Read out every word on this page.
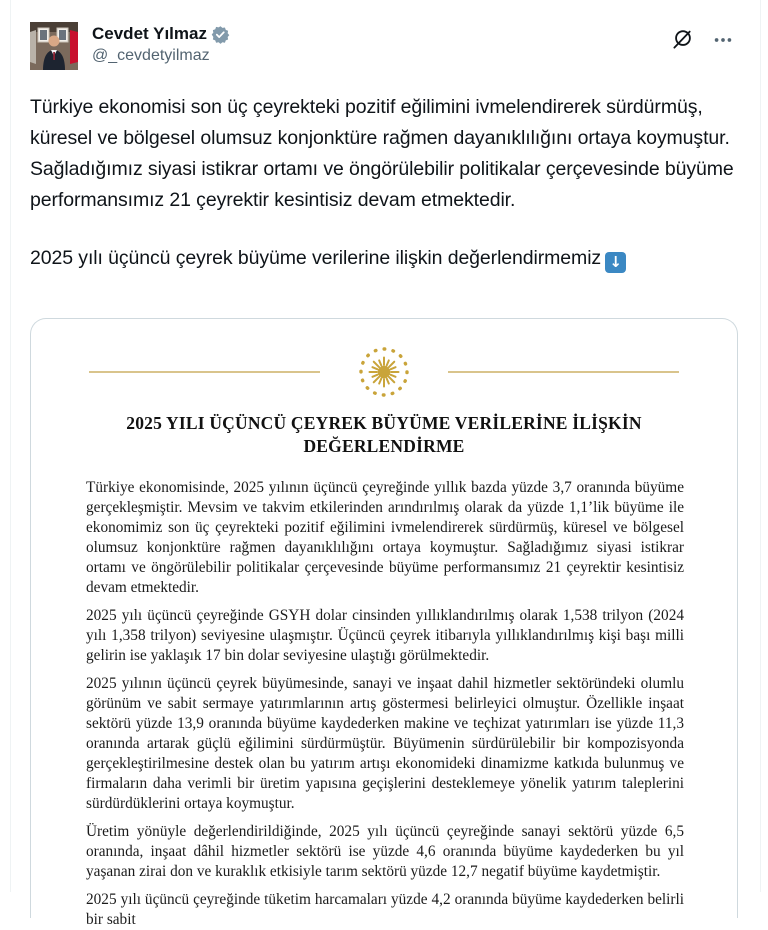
Cevdet Yılmaz
@_cevdetyilmaz

Türkiye ekonomisi son üç çeyrekteki pozitif eğilimini ivmelendirerek sürdürmüş, küresel ve bölgesel olumsuz konjonktüre rağmen dayanıklılığını ortaya koymuştur. Sağladığımız siyasi istikrar ortamı ve öngörülebilir politikalar çerçevesinde büyüme performansımız 21 çeyrektir kesintisiz devam etmektedir.

2025 yılı üçüncü çeyrek büyüme verilerine ilişkin değerlendirmemiz ↓

2025 YILI ÜÇÜNCÜ ÇEYREK BÜYÜME VERİLERİNE İLİŞKİN
DEĞERLENDİRME

Türkiye ekonomisinde, 2025 yılının üçüncü çeyreğinde yıllık bazda yüzde 3,7 oranında büyüme gerçekleşmiştir. Mevsim ve takvim etkilerinden arındırılmış olarak da yüzde 1,1’lik büyüme ile ekonomimiz son üç çeyrekteki pozitif eğilimini ivmelendirerek sürdürmüş, küresel ve bölgesel olumsuz konjonktüre rağmen dayanıklılığını ortaya koymuştur. Sağladığımız siyasi istikrar ortamı ve öngörülebilir politikalar çerçevesinde büyüme performansımız 21 çeyrektir kesintisiz devam etmektedir.

2025 yılı üçüncü çeyreğinde GSYH dolar cinsinden yıllıklandırılmış olarak 1,538 trilyon (2024 yılı 1,358 trilyon) seviyesine ulaşmıştır. Üçüncü çeyrek itibarıyla yıllıklandırılmış kişi başı milli gelirin ise yaklaşık 17 bin dolar seviyesine ulaştığı görülmektedir.

2025 yılının üçüncü çeyrek büyümesinde, sanayi ve inşaat dahil hizmetler sektöründeki olumlu görünüm ve sabit sermaye yatırımlarının artış göstermesi belirleyici olmuştur. Özellikle inşaat sektörü yüzde 13,9 oranında büyüme kaydederken makine ve teçhizat yatırımları ise yüzde 11,3 oranında artarak güçlü eğilimini sürdürmüştür. Büyümenin sürdürülebilir bir kompozisyonda gerçekleştirilmesine destek olan bu yatırım artışı ekonomideki dinamizme katkıda bulunmuş ve firmaların daha verimli bir üretim yapısına geçişlerini desteklemeye yönelik yatırım taleplerini sürdürdüklerini ortaya koymuştur.

Üretim yönüyle değerlendirildiğinde, 2025 yılı üçüncü çeyreğinde sanayi sektörü yüzde 6,5 oranında, inşaat dâhil hizmetler sektörü ise yüzde 4,6 oranında büyüme kaydederken bu yıl yaşanan zirai don ve kuraklık etkisiyle tarım sektörü yüzde 12,7 negatif büyüme kaydetmiştir.

2025 yılı üçüncü çeyreğinde tüketim harcamaları yüzde 4,2 oranında büyüme kaydederken belirli bir sabit
